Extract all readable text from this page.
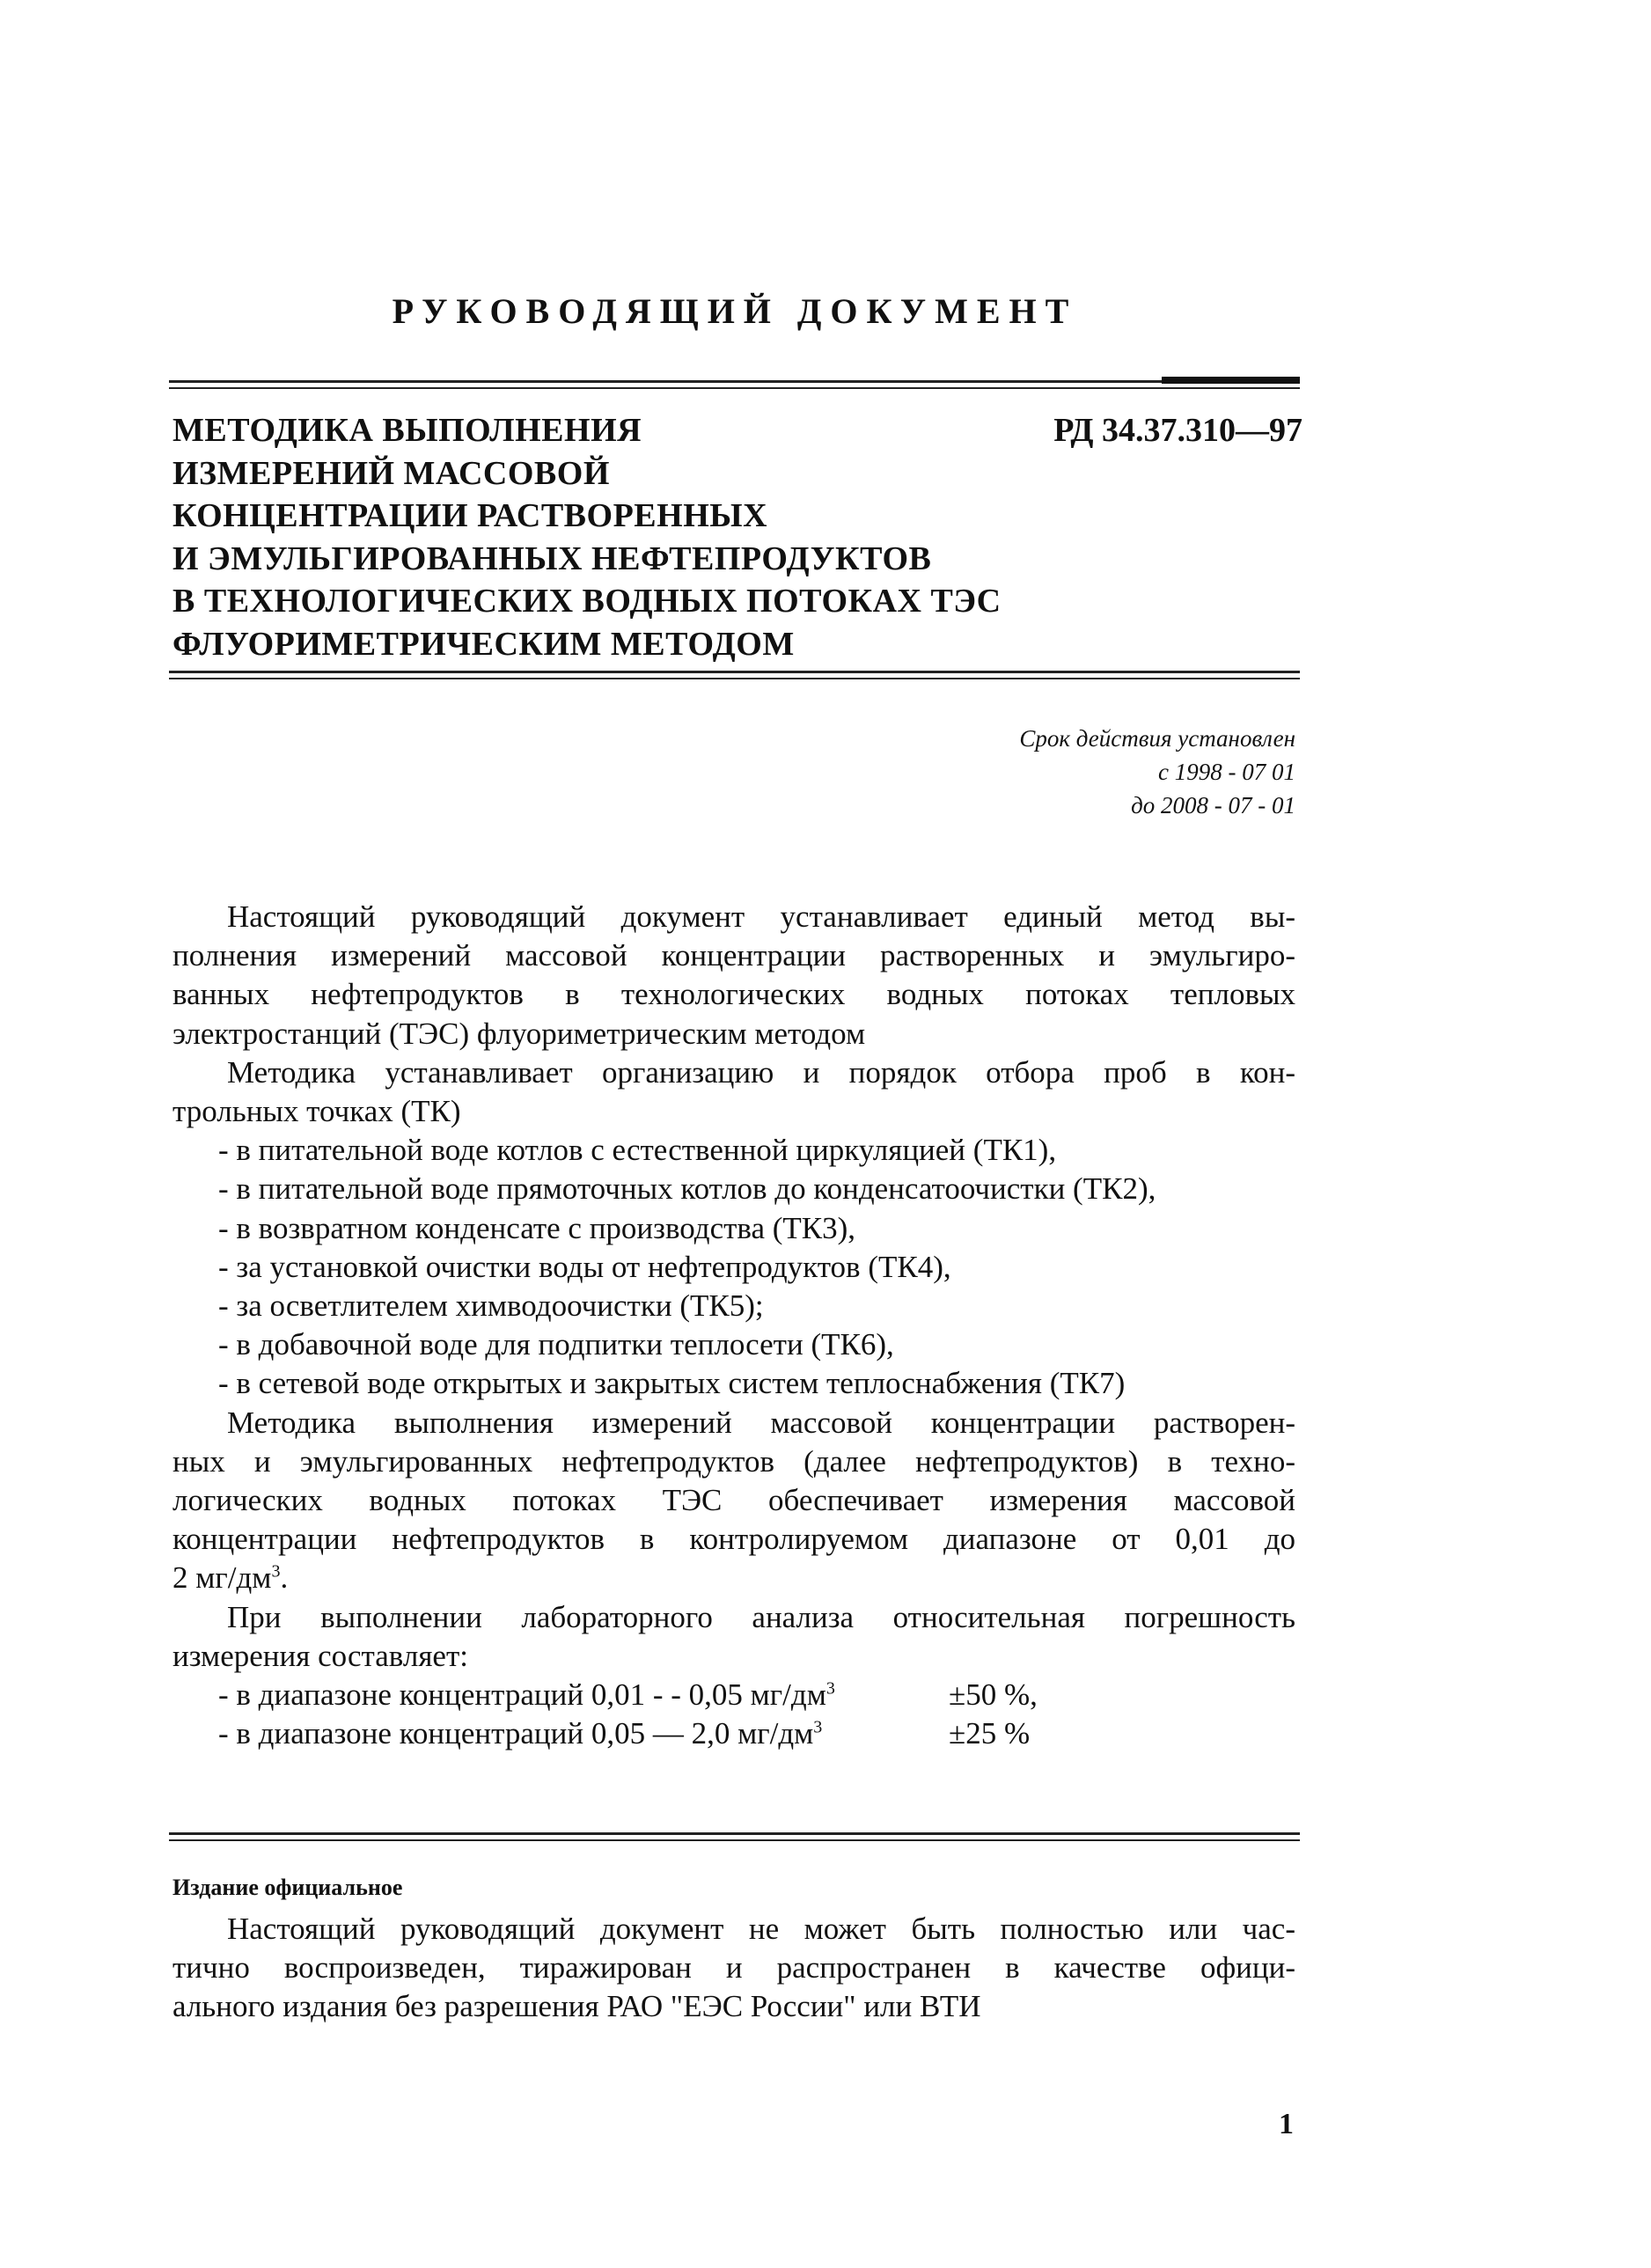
РУКОВОДЯЩИЙ ДОКУМЕНТ
МЕТОДИКА ВЫПОЛНЕНИЯ
ИЗМЕРЕНИЙ МАССОВОЙ
КОНЦЕНТРАЦИИ РАСТВОРЕННЫХ
И ЭМУЛЬГИРОВАННЫХ НЕФТЕПРОДУКТОВ
В ТЕХНОЛОГИЧЕСКИХ ВОДНЫХ ПОТОКАХ ТЭС
ФЛУОРИМЕТРИЧЕСКИМ МЕТОДОМ
РД 34.37.310—97
Срок действия установлен
с 1998 - 07 01
до 2008 - 07 - 01
Настоящий руководящий документ устанавливает единый метод вы-
полнения измерений массовой концентрации растворенных и эмульгиро-
ванных нефтепродуктов в технологических водных потоках тепловых
электростанций (ТЭС) флуориметрическим методом
Методика устанавливает организацию и порядок отбора проб в кон-
трольных точках (ТК)
- в питательной воде котлов с естественной циркуляцией (ТК1),
- в питательной воде прямоточных котлов до конденсатоочистки (ТК2),
- в возвратном конденсате с производства (ТК3),
- за установкой очистки воды от нефтепродуктов (ТК4),
- за осветлителем химводоочистки (ТК5);
- в добавочной воде для подпитки теплосети (ТК6),
- в сетевой воде открытых и закрытых систем теплоснабжения (ТК7)
Методика выполнения измерений массовой концентрации растворен-
ных и эмульгированных нефтепродуктов (далее нефтепродуктов) в техно-
логических водных потоках ТЭС обеспечивает измерения массовой
концентрации нефтепродуктов в контролируемом диапазоне от 0,01 до
2 $мг/дм^3$.
При выполнении лабораторного анализа относительная погрешность
измерения составляет:
- в диапазоне концентраций 0,01 - - 0,05 $мг/дм^3$	±50 %,
- в диапазоне концентраций 0,05 — 2,0 $мг/дм^3$	±25 %
Издание официальное
Настоящий руководящий документ не может быть полностью или час-
тично воспроизведен, тиражирован и распространен в качестве офици-
ального издания без разрешения РАО "ЕЭС России" или ВТИ
1
